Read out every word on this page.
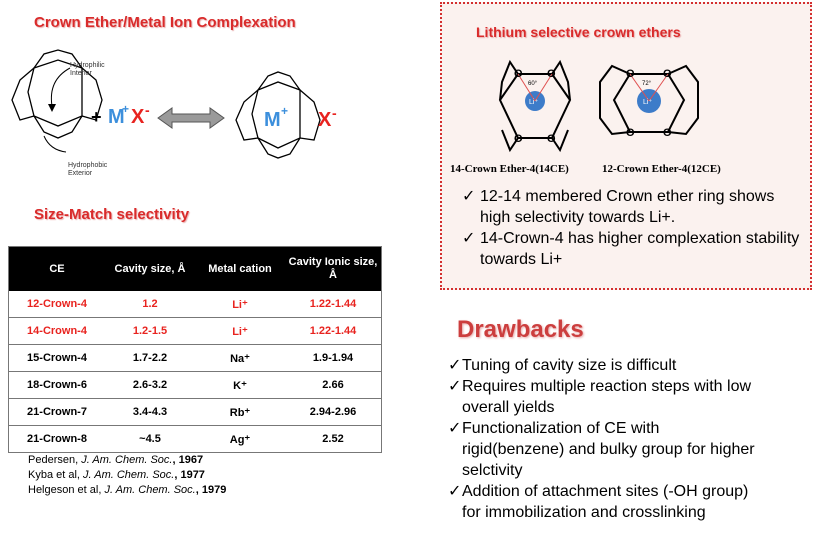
Crown Ether/Metal Ion Complexation
+ M
+ X -	M + X -
Hydrophilic
Interior
Hydrophobic
Exterior
Size-Match selectivity
CE	Cavity size, Å	Metal cation	Cavity Ionic size, Å
12-Crown-4	1.2	Li⁺	1.22-1.44
14-Crown-4	1.2-1.5	Li⁺	1.22-1.44
15-Crown-4	1.7-2.2	Na⁺	1.9-1.94
18-Crown-6	2.6-3.2	K⁺	2.66
21-Crown-7	3.4-4.3	Rb⁺	2.94-2.96
21-Crown-8	~4.5	Ag⁺	2.52
Pedersen, J. Am. Chem. Soc., 1967
Kyba et al, J. Am. Chem. Soc., 1977
Helgeson et al, J. Am. Chem. Soc., 1979
Lithium selective crown ethers
60°
Li⁺
O O
O O
72°
Li⁺
O	O
O	O
14-Crown Ether-4(14CE)	12-Crown Ether-4(12CE)
✓ 12-14 membered Crown ether ring shows high selectivity towards Li+.
✓ 14-Crown-4 has higher complexation stability towards Li+
Drawbacks
✓ Tuning of cavity size is difficult
✓ Requires multiple reaction steps with low
overall yields
✓ Functionalization of CE with
rigid(benzene) and bulky group for higher selctivity
✓ Addition of attachment sites (-OH group)
for immobilization and crosslinking
